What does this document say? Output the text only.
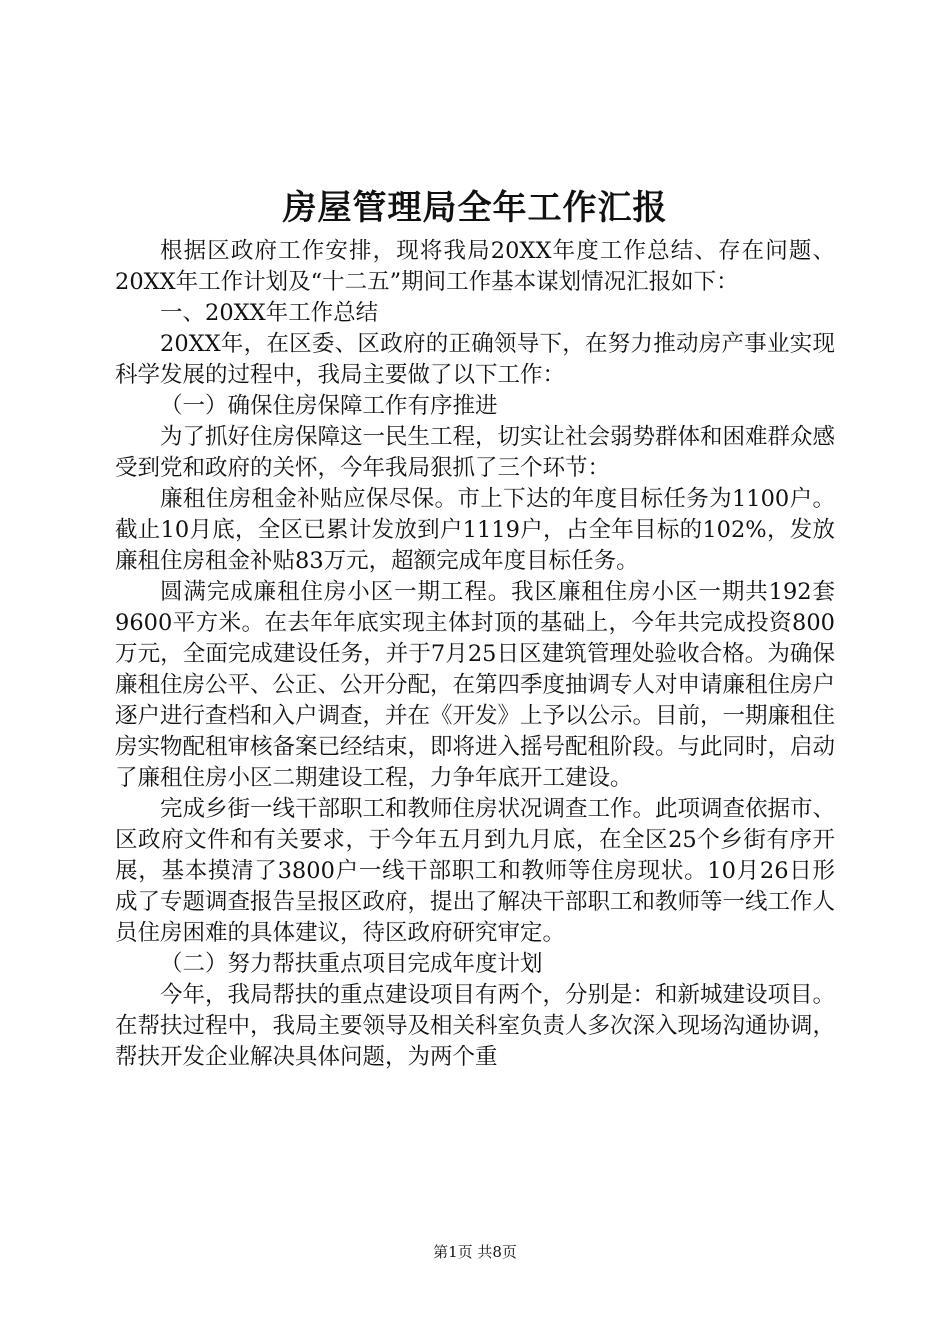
房屋管理局全年工作汇报

根据区政府工作安排，现将我局20XX年度工作总结、存在问题、20XX年工作计划及“十二五”期间工作基本谋划情况汇报如下：

一、20XX年工作总结

20XX年，在区委、区政府的正确领导下，在努力推动房产事业实现科学发展的过程中，我局主要做了以下工作：

（一）确保住房保障工作有序推进

为了抓好住房保障这一民生工程，切实让社会弱势群体和困难群众感受到党和政府的关怀，今年我局狠抓了三个环节：

廉租住房租金补贴应保尽保。市上下达的年度目标任务为1100户。截止10月底，全区已累计发放到户1119户，占全年目标的102%，发放廉租住房租金补贴83万元，超额完成年度目标任务。

圆满完成廉租住房小区一期工程。我区廉租住房小区一期共192套9600平方米。在去年年底实现主体封顶的基础上，今年共完成投资800万元，全面完成建设任务，并于7月25日区建筑管理处验收合格。为确保廉租住房公平、公正、公开分配，在第四季度抽调专人对申请廉租住房户逐户进行查档和入户调查，并在《开发》上予以公示。目前，一期廉租住房实物配租审核备案已经结束，即将进入摇号配租阶段。与此同时，启动了廉租住房小区二期建设工程，力争年底开工建设。

完成乡街一线干部职工和教师住房状况调查工作。此项调查依据市、区政府文件和有关要求，于今年五月到九月底，在全区25个乡街有序开展，基本摸清了3800户一线干部职工和教师等住房现状。10月26日形成了专题调查报告呈报区政府，提出了解决干部职工和教师等一线工作人员住房困难的具体建议，待区政府研究审定。

（二）努力帮扶重点项目完成年度计划

今年，我局帮扶的重点建设项目有两个，分别是：和新城建设项目。在帮扶过程中，我局主要领导及相关科室负责人多次深入现场沟通协调，帮扶开发企业解决具体问题，为两个重

第1页 共8页
